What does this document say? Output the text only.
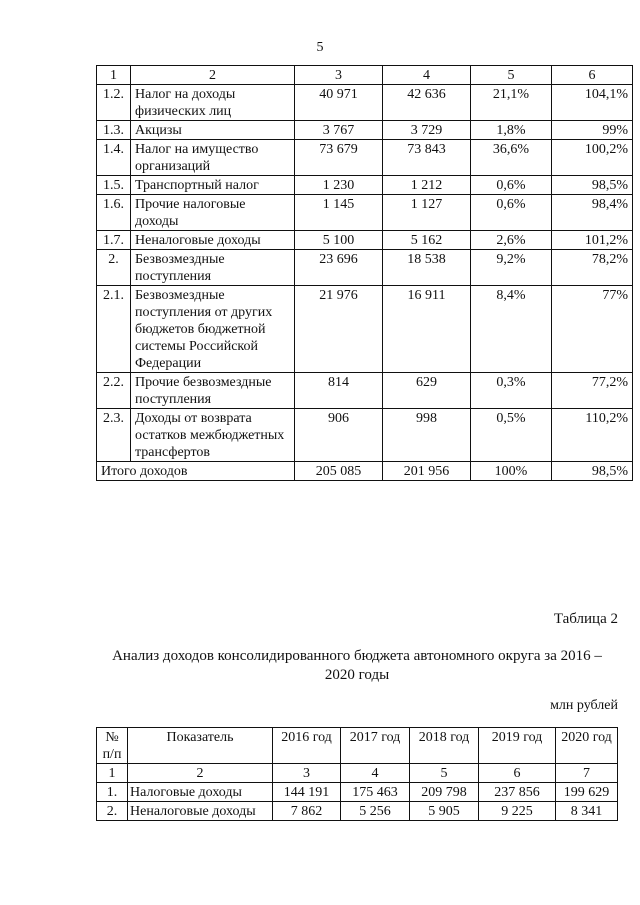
5
1	2	3	4	5	6
1.2.	Налог на доходы физических лиц	40 971	42 636	21,1%	104,1%
1.3.	Акцизы	3 767	3 729	1,8%	99%
1.4.	Налог на имущество организаций	73 679	73 843	36,6%	100,2%
1.5.	Транспортный налог	1 230	1 212	0,6%	98,5%
1.6.	Прочие налоговые доходы	1 145	1 127	0,6%	98,4%
1.7.	Неналоговые доходы	5 100	5 162	2,6%	101,2%
2.	Безвозмездные поступления	23 696	18 538	9,2%	78,2%
2.1.	Безвозмездные поступления от других бюджетов бюджетной системы Российской Федерации	21 976	16 911	8,4%	77%
2.2.	Прочие безвозмездные поступления	814	629	0,3%	77,2%
2.3.	Доходы от возврата остатков межбюджетных трансфертов	906	998	0,5%	110,2%
Итого доходов		205 085	201 956	100%	98,5%
Таблица 2
Анализ доходов консолидированного бюджета автономного округа за 2016 – 2020 годы
млн рублей
№ п/п	Показатель	2016 год	2017 год	2018 год	2019 год	2020 год
1	2	3	4	5	6	7
1.	Налоговые доходы	144 191	175 463	209 798	237 856	199 629
2.	Неналоговые доходы	7 862	5 256	5 905	9 225	8 341
